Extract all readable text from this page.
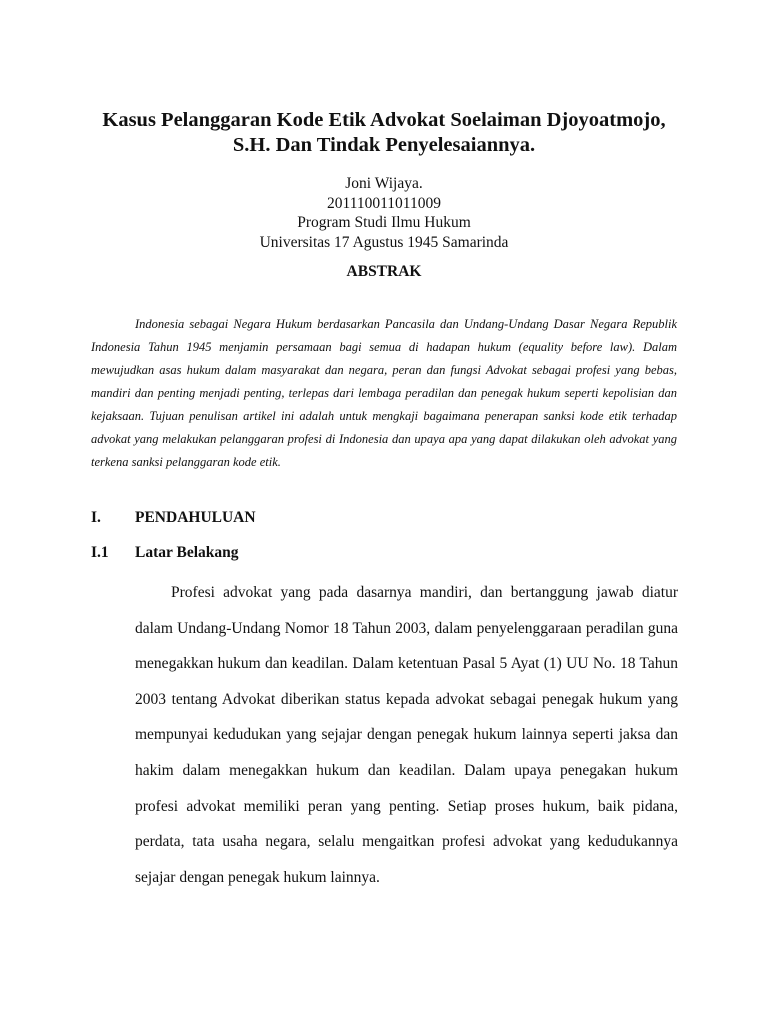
Kasus Pelanggaran Kode Etik Advokat Soelaiman Djoyoatmojo,
S.H. Dan Tindak Penyelesaiannya.
Joni Wijaya.
201110011011009
Program Studi Ilmu Hukum
Universitas 17 Agustus 1945 Samarinda
ABSTRAK

Indonesia sebagai Negara Hukum berdasarkan Pancasila dan Undang-Undang Dasar Negara Republik Indonesia Tahun 1945 menjamin persamaan bagi semua di hadapan hukum (equality before law). Dalam mewujudkan asas hukum dalam masyarakat dan negara, peran dan fungsi Advokat sebagai profesi yang bebas, mandiri dan penting menjadi penting, terlepas dari lembaga peradilan dan penegak hukum seperti kepolisian dan kejaksaan. Tujuan penulisan artikel ini adalah untuk mengkaji bagaimana penerapan sanksi kode etik terhadap advokat yang melakukan pelanggaran profesi di Indonesia dan upaya apa yang dapat dilakukan oleh advokat yang terkena sanksi pelanggaran kode etik.

I. PENDAHULUAN
I.1 Latar Belakang

Profesi advokat yang pada dasarnya mandiri, dan bertanggung jawab diatur dalam Undang-Undang Nomor 18 Tahun 2003, dalam penyelenggaraan peradilan guna menegakkan hukum dan keadilan. Dalam ketentuan Pasal 5 Ayat (1) UU No. 18 Tahun 2003 tentang Advokat diberikan status kepada advokat sebagai penegak hukum yang mempunyai kedudukan yang sejajar dengan penegak hukum lainnya seperti jaksa dan hakim dalam menegakkan hukum dan keadilan. Dalam upaya penegakan hukum profesi advokat memiliki peran yang penting. Setiap proses hukum, baik pidana, perdata, tata usaha negara, selalu mengaitkan profesi advokat yang kedudukannya sejajar dengan penegak hukum lainnya.
